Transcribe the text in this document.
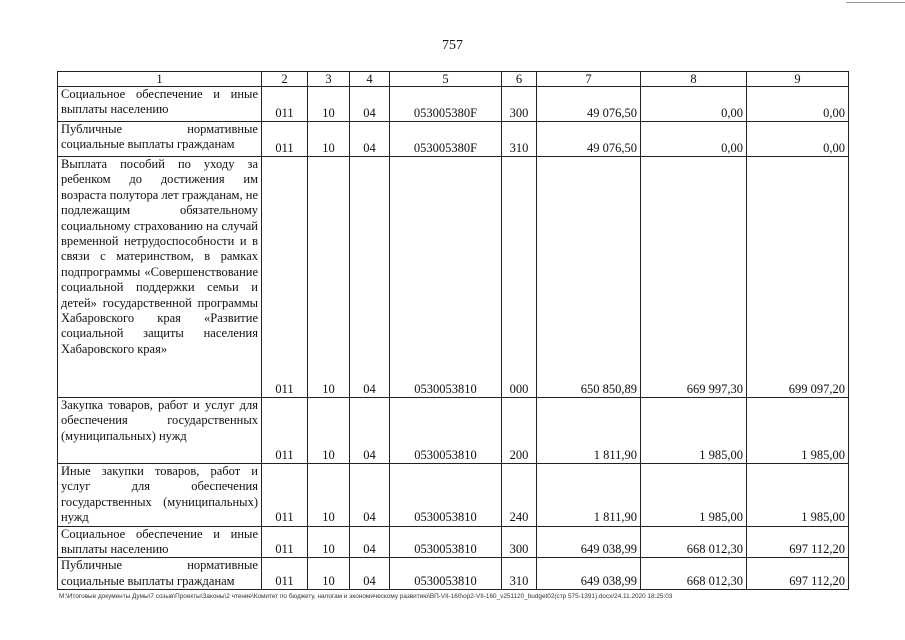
757
1	2	3	4	5	6	7	8	9
Социальное обеспечение и иные выплаты населению	011	10	04	053005380F	300	49 076,50	0,00	0,00
Публичные нормативные социальные выплаты гражданам	011	10	04	053005380F	310	49 076,50	0,00	0,00
Выплата пособий по уходу за ребенком до достижения им возраста полутора лет гражданам, не подлежащим обязательному социальному страхованию на случай временной нетрудоспособности и в связи с материнством, в рамках подпрограммы «Совершенствование социальной поддержки семьи и детей» государственной программы Хабаровского края «Развитие социальной защиты населения Хабаровского края»	011	10	04	0530053810	000	650 850,89	669 997,30	699 097,20
Закупка товаров, работ и услуг для обеспечения государственных (муниципальных) нужд	011	10	04	0530053810	200	1 811,90	1 985,00	1 985,00
Иные закупки товаров, работ и услуг для обеспечения государственных (муниципальных) нужд	011	10	04	0530053810	240	1 811,90	1 985,00	1 985,00
Социальное обеспечение и иные выплаты населению	011	10	04	0530053810	300	649 038,99	668 012,30	697 112,20
Публичные нормативные социальные выплаты гражданам	011	10	04	0530053810	310	649 038,99	668 012,30	697 112,20
M:\Итоговые документы Думы\7 созыв\Проекты\Законы\2 чтение\Комитет по бюджету, налогам и экономическому развитию\ВП-VII-160\ор2-VII-160_v251120_budget02(стр 575-1391).docx/24.11.2020 18:25:03
